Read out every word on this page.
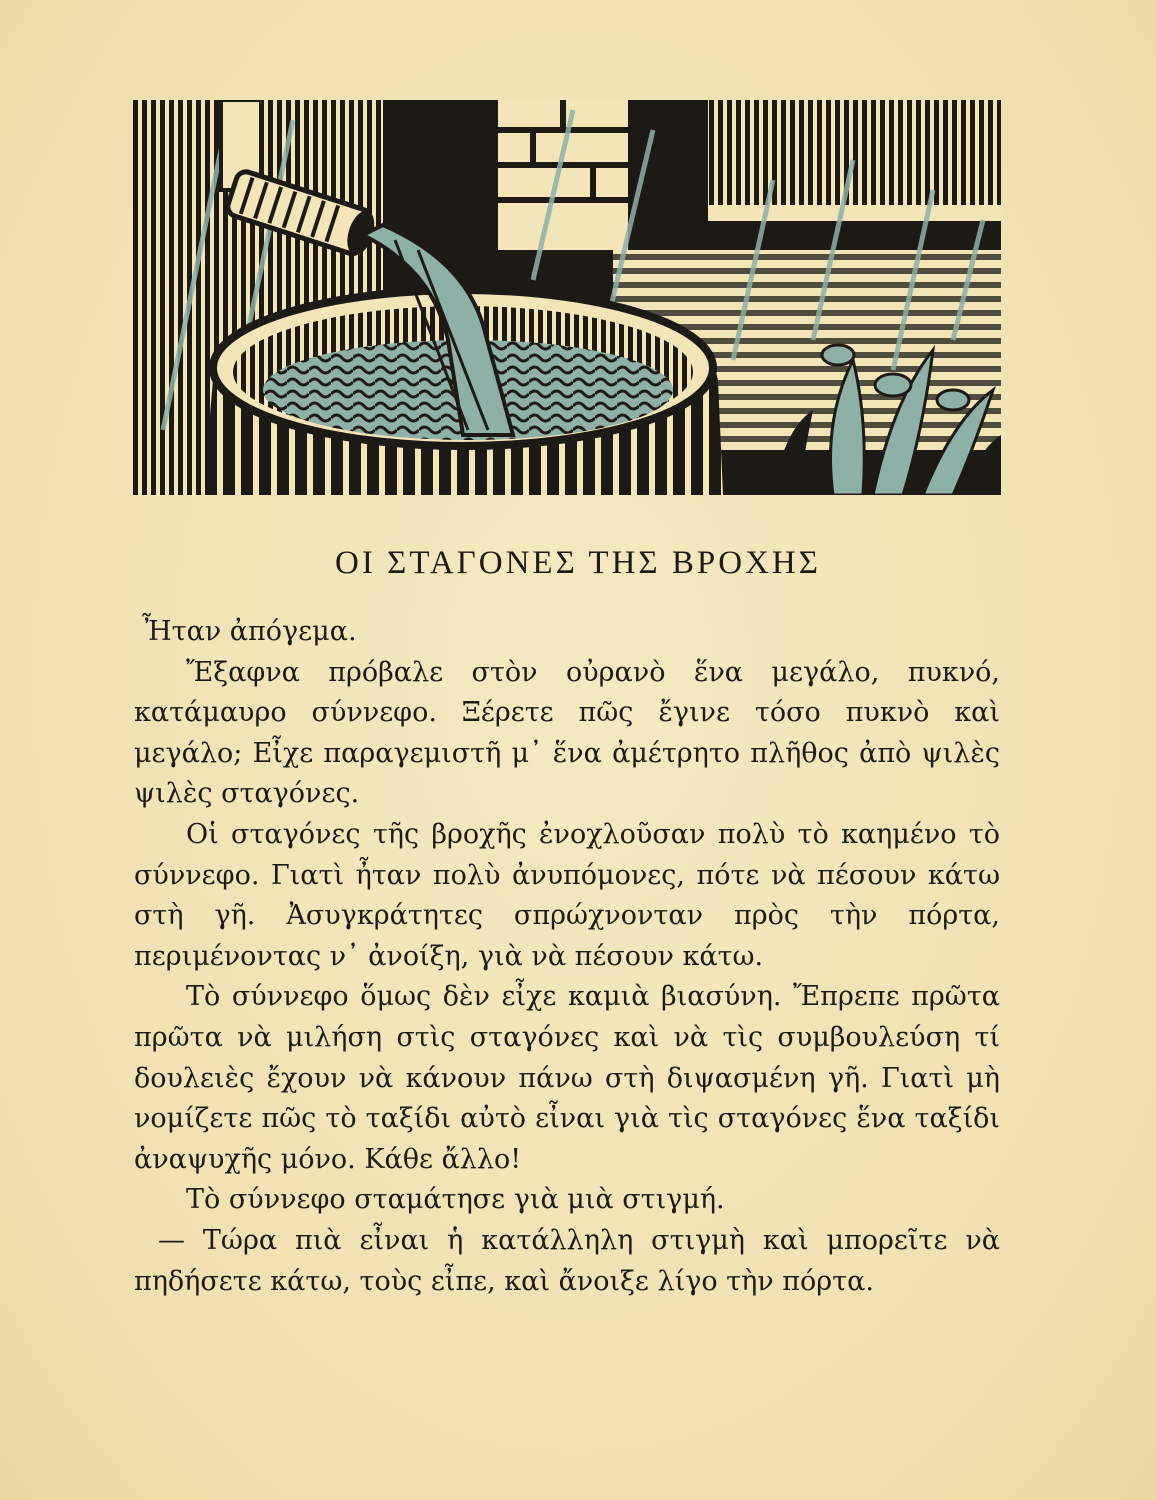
ΟΙ ΣΤΑΓΟΝΕΣ ΤΗΣ ΒΡΟΧΗΣ

Ἦταν ἀπόγεμα.

Ἔξαφνα πρόβαλε στὸν οὐρανὸ ἕνα μεγάλο, πυκνό, κατάμαυρο σύννεφο. Ξέρετε πῶς ἔγινε τόσο πυκνὸ καὶ μεγάλο; Εἶχε παραγεμιστῆ μ᾽ ἕνα ἀμέτρητο πλῆθος ἀπὸ ψιλὲς ψιλὲς σταγόνες.

Οἱ σταγόνες τῆς βροχῆς ἐνοχλοῦσαν πολὺ τὸ καημένο τὸ σύννεφο. Γιατὶ ἦταν πολὺ ἀνυπόμονες, πότε νὰ πέσουν κάτω στὴ γῆ. Ἀσυγκράτητες σπρώχνονταν πρὸς τὴν πόρτα, περιμένοντας ν᾽ ἀνοίξη, γιὰ νὰ πέσουν κάτω.

Τὸ σύννεφο ὅμως δὲν εἶχε καμιὰ βιασύνη. Ἔπρεπε πρῶτα πρῶτα νὰ μιλήση στὶς σταγόνες καὶ νὰ τὶς συμβουλεύση τί δουλειὲς ἔχουν νὰ κάνουν πάνω στὴ διψασμένη γῆ. Γιατὶ μὴ νομίζετε πῶς τὸ ταξίδι αὐτὸ εἶναι γιὰ τὶς σταγόνες ἕνα ταξίδι ἀναψυχῆς μόνο. Κάθε ἄλλο!

Τὸ σύννεφο σταμάτησε γιὰ μιὰ στιγμή.

— Τώρα πιὰ εἶναι ἡ κατάλληλη στιγμὴ καὶ μπορεῖτε νὰ πηδήσετε κάτω, τοὺς εἶπε, καὶ ἄνοιξε λίγο τὴν πόρτα.
